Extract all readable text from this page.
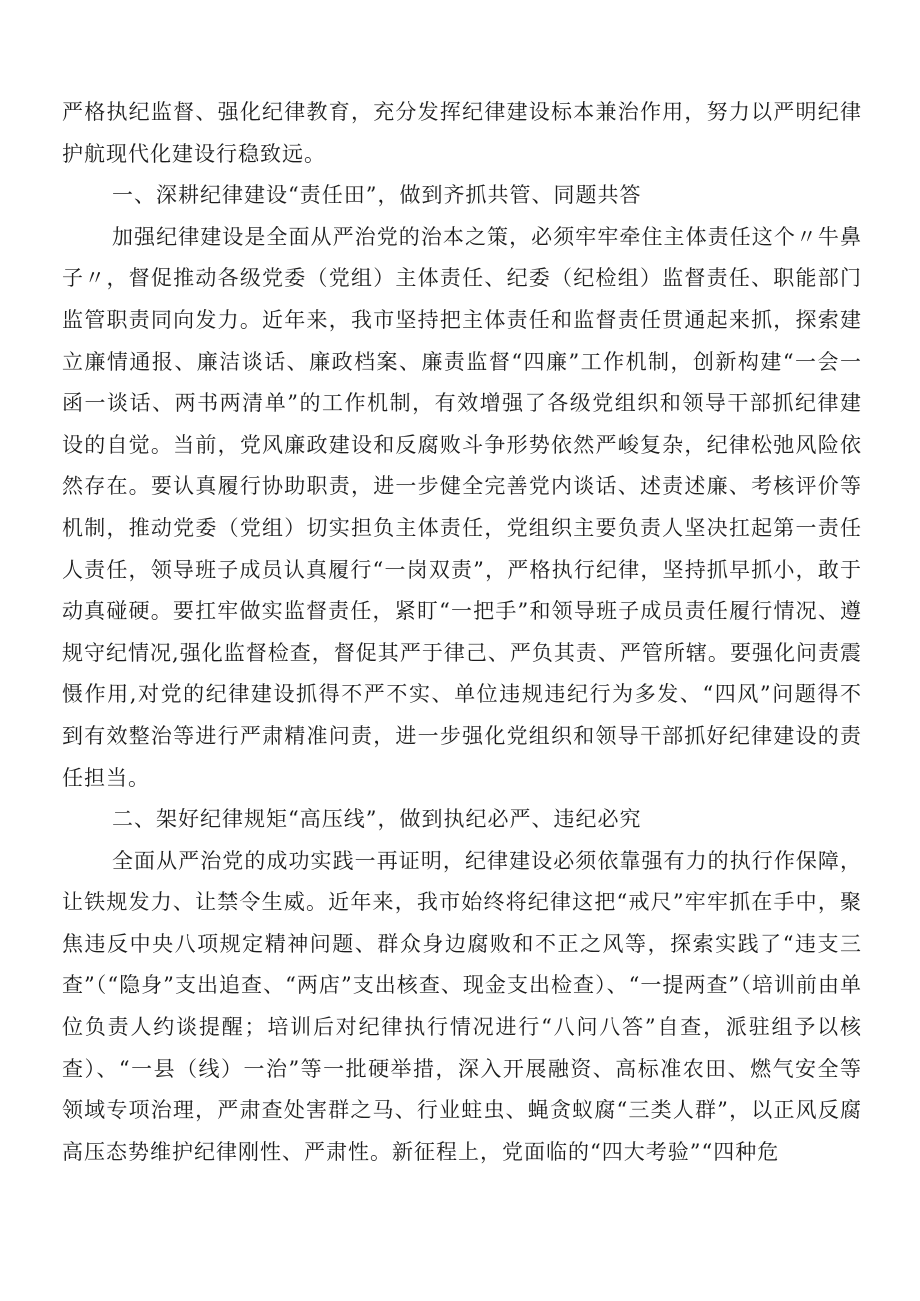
严格执纪监督、强化纪律教育，充分发挥纪律建设标本兼治作用，努力以严明纪律护航现代化建设行稳致远。

一、深耕纪律建设“责任田”，做到齐抓共管、同题共答

加强纪律建设是全面从严治党的治本之策，必须牢牢牵住主体责任这个〃牛鼻子〃，督促推动各级党委（党组）主体责任、纪委（纪检组）监督责任、职能部门监管职责同向发力。近年来，我市坚持把主体责任和监督责任贯通起来抓，探索建立廉情通报、廉洁谈话、廉政档案、廉责监督“四廉”工作机制，创新构建“一会一函一谈话、两书两清单”的工作机制，有效增强了各级党组织和领导干部抓纪律建设的自觉。当前，党风廉政建设和反腐败斗争形势依然严峻复杂，纪律松弛风险依然存在。要认真履行协助职责，进一步健全完善党内谈话、述责述廉、考核评价等机制，推动党委（党组）切实担负主体责任，党组织主要负责人坚决扛起第一责任人责任，领导班子成员认真履行“一岗双责”，严格执行纪律，坚持抓早抓小，敢于动真碰硬。要扛牢做实监督责任，紧盯“一把手”和领导班子成员责任履行情况、遵规守纪情况,强化监督检查，督促其严于律己、严负其责、严管所辖。要强化问责震慑作用,对党的纪律建设抓得不严不实、单位违规违纪行为多发、“四风”问题得不到有效整治等进行严肃精准问责，进一步强化党组织和领导干部抓好纪律建设的责任担当。

二、架好纪律规矩“高压线”，做到执纪必严、违纪必究

全面从严治党的成功实践一再证明，纪律建设必须依靠强有力的执行作保障，让铁规发力、让禁令生威。近年来，我市始终将纪律这把“戒尺”牢牢抓在手中，聚焦违反中央八项规定精神问题、群众身边腐败和不正之风等，探索实践了“违支三查”（“隐身”支出追查、“两店”支出核查、现金支出检查）、“一提两查”（培训前由单位负责人约谈提醒；培训后对纪律执行情况进行“八问八答”自查，派驻组予以核查）、“一县（线）一治”等一批硬举措，深入开展融资、高标准农田、燃气安全等领域专项治理，严肃查处害群之马、行业蛀虫、蝇贪蚁腐“三类人群”，以正风反腐高压态势维护纪律刚性、严肃性。新征程上，党面临的“四大考验”“四种危
